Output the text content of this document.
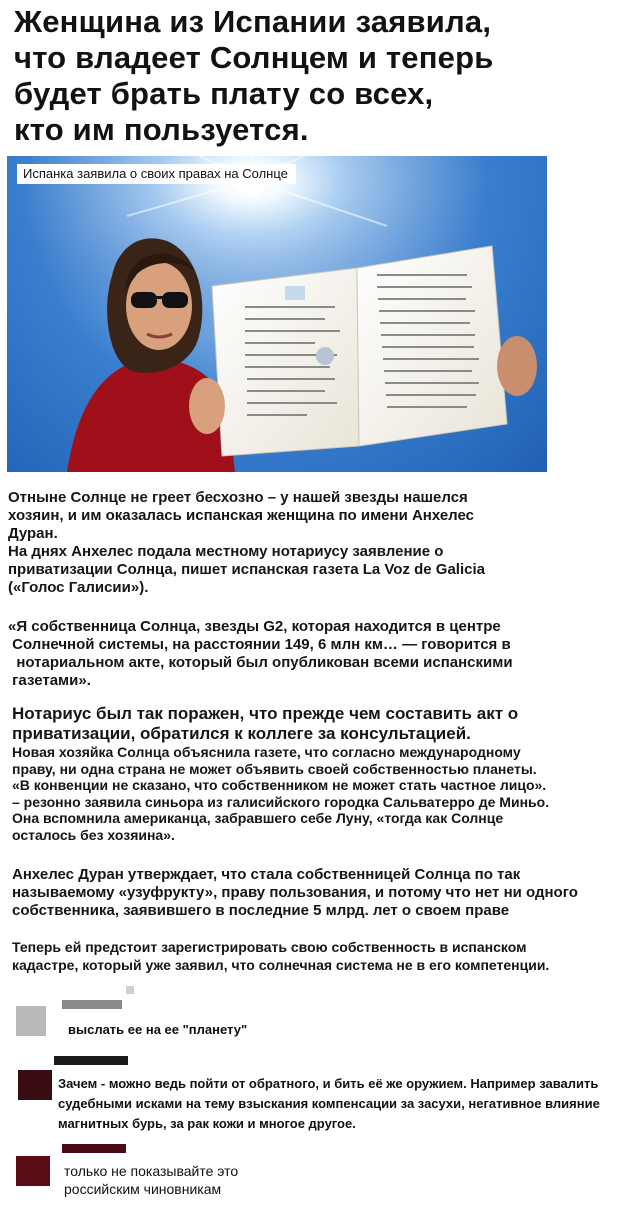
Женщина из Испании заявила,
что владеет Солнцем и теперь
будет брать плату со всех,
кто им пользуется.
Испанка заявила о своих правах на Солнце
Отныне Солнце не греет бесхозно – у нашей звезды нашелся
хозяин, и им оказалась испанская женщина по имени Анхелес
Дуран.
На днях Анхелес подала местному нотариусу заявление о
приватизации Солнца, пишет испанская газета La Voz de Galicia
(«Голос Галисии»).
«Я собственница Солнца, звезды G2, которая находится в центре
Солнечной системы, на расстоянии 149, 6 млн км… — говорится в
нотариальном акте, который был опубликован всеми испанскими
газетами».
Нотариус был так поражен, что прежде чем составить акт о
приватизации, обратился к коллеге за консультацией.
Новая хозяйка Солнца объяснила газете, что согласно международному
праву, ни одна страна не может объявить своей собственностью планеты.
«В конвенции не сказано, что собственником не может стать частное лицо».
– резонно заявила синьора из галисийского городка Сальватерро де Миньо.
Она вспомнила американца, забравшего себе Луну, «тогда как Солнце
осталось без хозяина».
Анхелес Дуран утверждает, что стала собственницей Солнца по так
называемому «узуфрукту», праву пользования, и потому что нет ни одного
собственника, заявившего в последние 5 млрд. лет о своем праве
Теперь ей предстоит зарегистрировать свою собственность в испанском
кадастре, который уже заявил, что солнечная система не в его компетенции.
выслать ее на ее "планету"
Зачем - можно ведь пойти от обратного, и бить её же оружием. Например завалить
судебными исками на тему взыскания компенсации за засухи, негативное влияние
магнитных бурь, за рак кожи и многое другое.
только не показывайте это
российским чиновникам
